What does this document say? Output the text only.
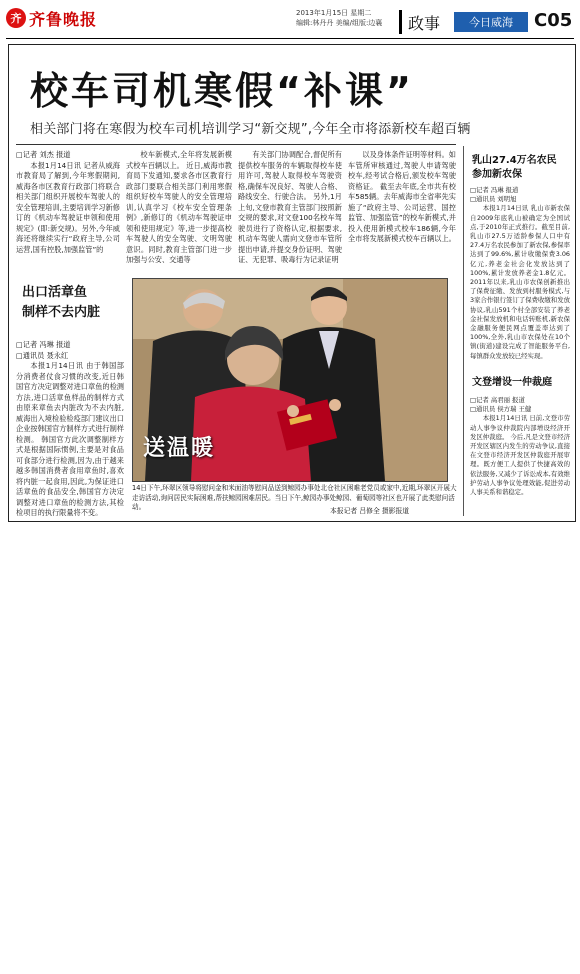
齐 齐鲁晚报	2013年1月15日 星期二
编辑:林丹丹 美编/组版:边襄	政事	今日威海	C05
校车司机寒假“补课”
相关部门将在寒假为校车司机培训学习“新交规”,今年全市将添新校车超百辆

□记者 刘杰 报道

本报1月14日讯 记者从威海市教育局了解到,今年寒假期间,威海各市区教育行政部门将联合相关部门组织开展校车驾驶人的安全管理培训,主要培训学习新修订的《机动车驾驶证申领和使用规定》(即:新交规)。另外,今年威海还将继续实行“政府主导,公司运营,国有控股,加强监管”的

校车新模式,全年将发展新模式校车百辆以上。 近日,威海市教育局下发通知,要求各市区教育行政部门要联合相关部门利用寒假组织好校车驾驶人的安全管理培训,认真学习《校车安全管理条例》,新修订的《机动车驾驶证申领和使用规定》等,进一步提高校车驾驶人的安全驾驶、文明驾驶意识。同时,教育主管部门进一步加强与公安、交通等

有关部门协调配合,督促所有提供校车服务的车辆取得校车使用许可,驾驶人取得校车驾驶资格,确保车况良好、驾驶人合格、路线安全、行驶合法。 另外,1月上旬,文登市教育主管部门按照新交规的要求,对文登100名校车驾驶员进行了资格认定,根据要求,机动车驾驶人需向文登市车管所提出申请,并提交身份证明、驾驶证、无犯罪、吸毒行为记录证明

以及身体条件证明等材料。如车管所审核通过,驾驶人申请驾驶校车,经考试合格后,颁发校车驾驶资格证。 截至去年底,全市共有校车585辆。去年威海市全省率先实施了“政府主导、公司运营、国控监管、加强监管”的校车新模式,并投入使用新模式校车186辆,今年全市将发展新模式校车百辆以上。

出口活章鱼
制样不去内脏

□记者 冯琳 报道

□通讯员 聂永红

本报1月14日讯 由于韩国部分消费者仗食习惯的改变,近日韩国官方决定调整对进口章鱼的检测方法,进口活章鱼样品的制样方式由原来章鱼去内脏改为不去内脏,威海出入境检验检疫部门建议出口企业按韩国官方制样方式进行制样检测。 韩国官方此次调整制样方式是根据国际惯例,主要是对食品可食部分进行检测,因为,由于越来越多韩国消费者食用章鱼时,喜欢将内脏一起食用,因此,为保证进口活章鱼的食品安全,韩国官方决定调整对进口章鱼的检测方法,其检检项目的执行限量将不变。

送温暖
14日下午,环翠区领导将慰问金和米面油等慰问品送到鲸园办事处北仓社区困难老党员或家中,近期,环翠区开展大走访活动,询问居民实际困难,帮扶鲸园困难居民。当日下午,鲸园办事处鲸园、葡萄园等社区也开展了此类慰问活动。	本报记者 吕修全 摄影报道
乳山27.4万名农民
参加新农保

□记者 冯琳 报道

□通讯员 刘明旭

本报1月14日讯 乳山市新农保自2009年底乳山被确定为全国试点,于2010年正式推行。截至目前,乳山市27.5万适龄参保人口中有27.4万名农民参加了新农保,参保率达到了99.6%,累计收缴保费3.06亿元,养老金社会化发放达到了100%,累计发放养老金1.8亿元。 2011年以来,乳山市农保创新推出了保费征缴、发放到村服务模式,与3家合作银行签订了保费收缴和发放协议,乳山591个村全部安装了养老金社保发放机和电话转账机,新农保金融服务便民网点覆盖率达到了100%,全外,乳山市农保处在10个镇(街道)建设完成了智能服务平台,每镇群众发放较已经实现。

文登增设一仲裁庭

□记者 高君丽 报道

□通讯员 侯方瑞 王健

本报1月14日讯 日前,文登市劳动人事争议仲裁院内部增设经济开发区仲裁庭。 今后,凡是文登市经济开发区辖区内发生的劳动争议,直接在文登市经济开发区仲裁庭开展审理。既方便工人提供了快捷高效的依法服务,又减少了诉讼成本,有效维护劳动人事争议处理效能,促进劳动人事关系和谐稳定。
